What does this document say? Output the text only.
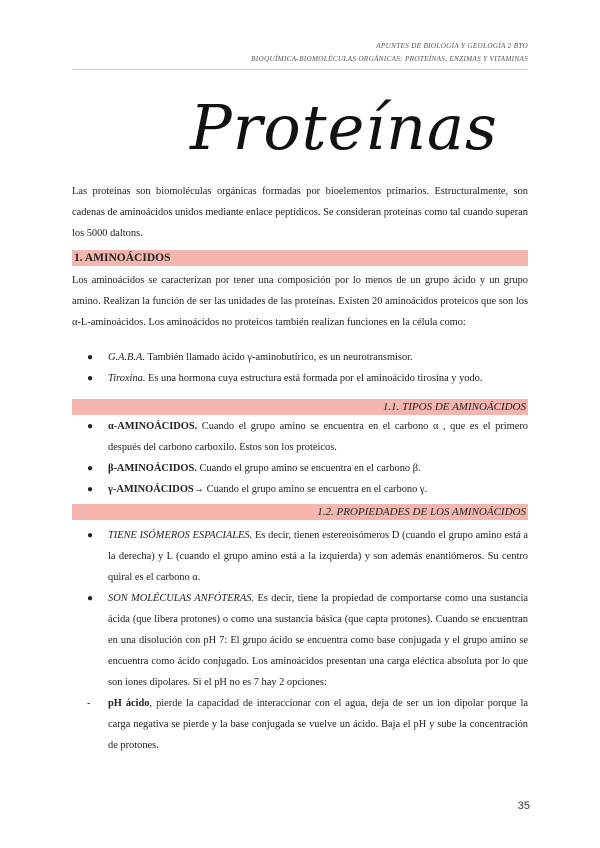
APUNTES DE BIOLOGÍA Y GEOLOGÍA 2 BTO
BIOQUÍMICA-BIOMOLÉCULAS ORGÁNICAS: PROTEÍNAS, ENZIMAS Y VITAMINAS
Proteínas

Las proteínas son biomoléculas orgánicas formadas por bioelementos primarios. Estructuralmente, son cadenas de aminoácidos unidos mediante enlace peptídicos. Se consideran proteínas como tal cuando superan los 5000 daltons.

1. AMINOÁCIDOS

Los aminoácidos se caracterizan por tener una composición por lo menos de un grupo ácido y un grupo amino. Realizan la función de ser las unidades de las proteínas. Existen 20 aminoácidos proteicos que son los α-L-aminoácidos. Los aminoácidos no proteicos también realizan funciones en la célula como:

● G.A.B.A. También llamado ácido γ-aminobutírico, es un neurotransmisor.
● Tiroxina. Es una hormona cuya estructura está formada por el aminoácido tirosina y yodo.
1.1. TIPOS DE AMINOÁCIDOS
● α-AMINOÁCIDOS. Cuando el grupo amino se encuentra en el carbono α , que es el primero después del carbono carboxilo. Estos son los proteicos.
● β-AMINOÁCIDOS. Cuando el grupo amino se encuentra en el carbono β.
● γ-AMINOÁCIDOS→ Cuando el grupo amino se encuentra en el carbono γ.
1.2. PROPIEDADES DE LOS AMINOÁCIDOS
● TIENE ISÓMEROS ESPACIALES. Es decir, tienen estereoisómeros D (cuando el grupo amino está a la derecha) y L (cuando el grupo amino está a la izquierda) y son además enantiómeros. Su centro quiral es el carbono α.
● SON MOLÉCULAS ANFÓTERAS. Es decir, tiene la propiedad de comportarse como una sustancia ácida (que libera protones) o como una sustancia básica (que capta protones). Cuando se encuentran en una disolución con pH 7: El grupo ácido se encuentra como base conjugada y el grupo amino se encuentra como ácido conjugado. Los aminoácidos presentan una carga eléctica absoluta por lo que son iones dipolares. Si el pH no es 7 hay 2 opciones:
- pH ácido, pierde la capacidad de interaccionar con el agua, deja de ser un ion dipolar porque la carga negativa se pierde y la base conjugada se vuelve un ácido. Baja el pH y sube la concentración de protones.
35
